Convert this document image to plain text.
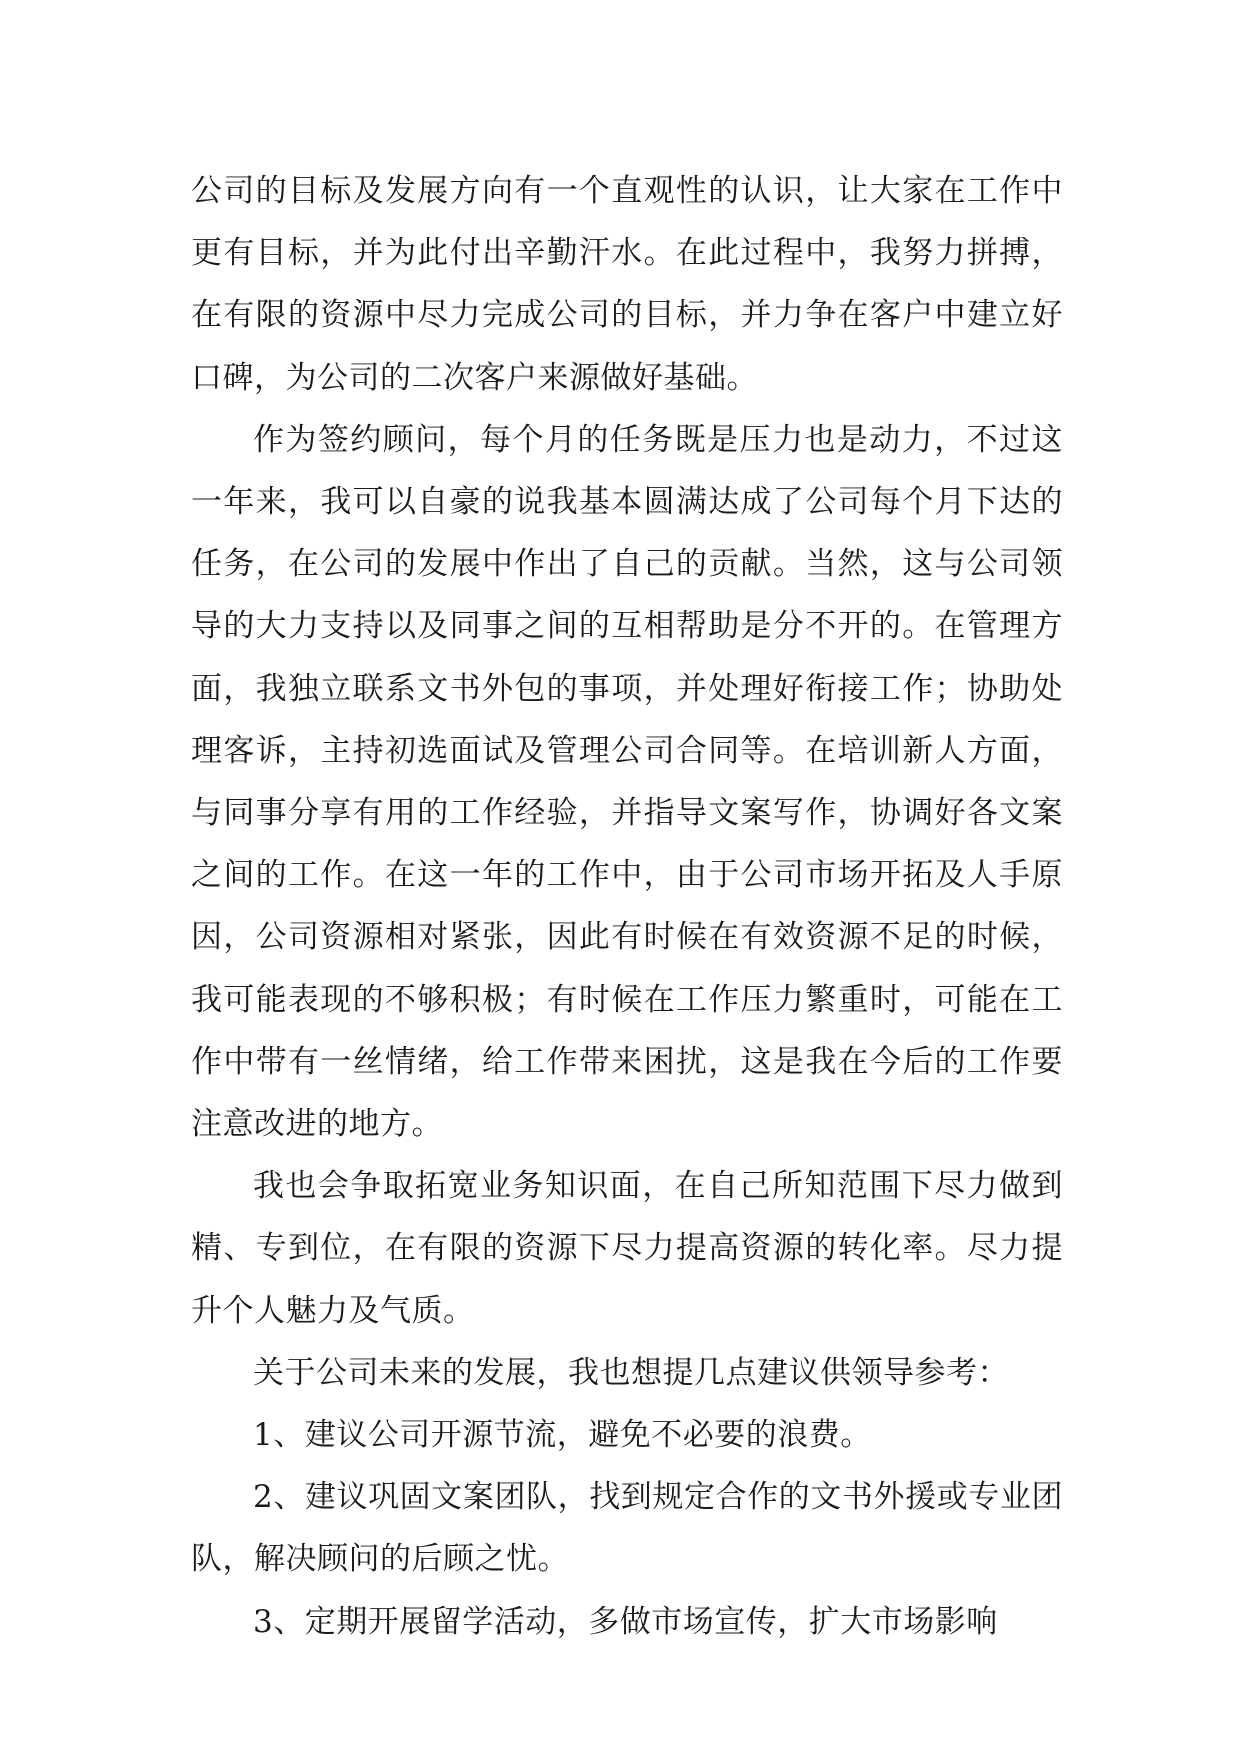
公司的目标及发展方向有一个直观性的认识，让大家在工作中更有目标，并为此付出辛勤汗水。在此过程中，我努力拼搏，在有限的资源中尽力完成公司的目标，并力争在客户中建立好口碑，为公司的二次客户来源做好基础。

作为签约顾问，每个月的任务既是压力也是动力，不过这一年来，我可以自豪的说我基本圆满达成了公司每个月下达的任务，在公司的发展中作出了自己的贡献。当然，这与公司领导的大力支持以及同事之间的互相帮助是分不开的。在管理方面，我独立联系文书外包的事项，并处理好衔接工作；协助处理客诉，主持初选面试及管理公司合同等。在培训新人方面，与同事分享有用的工作经验，并指导文案写作，协调好各文案之间的工作。在这一年的工作中，由于公司市场开拓及人手原因，公司资源相对紧张，因此有时候在有效资源不足的时候，我可能表现的不够积极；有时候在工作压力繁重时，可能在工作中带有一丝情绪，给工作带来困扰，这是我在今后的工作要注意改进的地方。

我也会争取拓宽业务知识面，在自己所知范围下尽力做到精、专到位，在有限的资源下尽力提高资源的转化率。尽力提升个人魅力及气质。

关于公司未来的发展，我也想提几点建议供领导参考：

1、建议公司开源节流，避免不必要的浪费。

2、建议巩固文案团队，找到规定合作的文书外援或专业团队，解决顾问的后顾之忧。

3、定期开展留学活动，多做市场宣传，扩大市场影响
